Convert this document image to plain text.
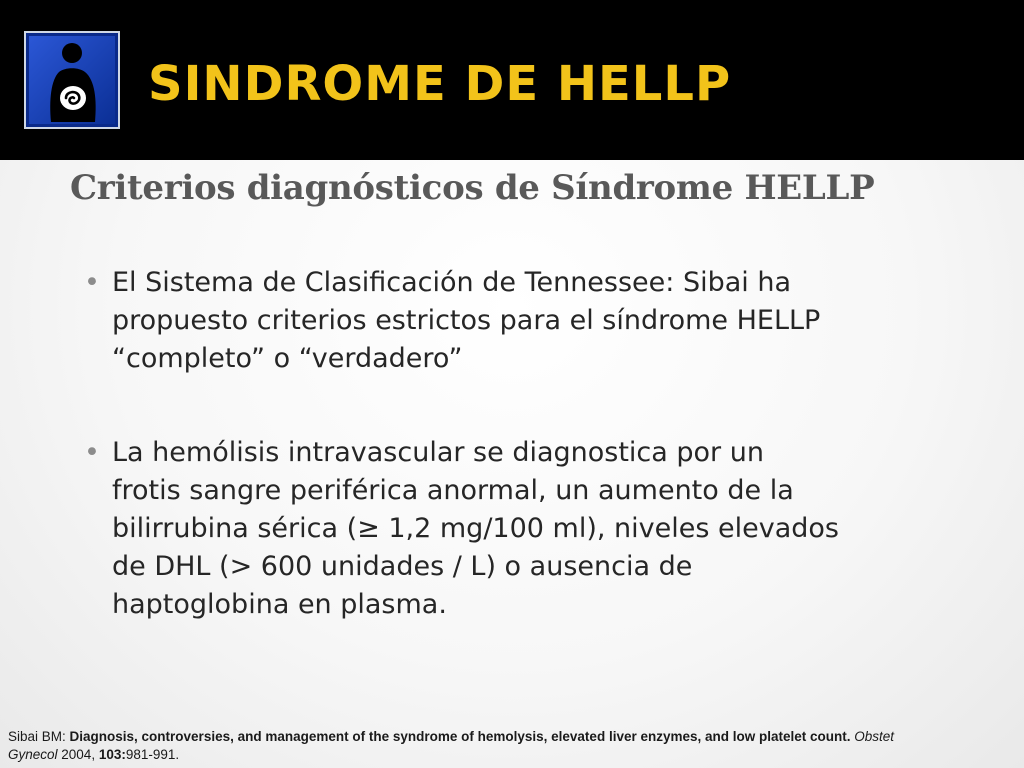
SINDROME DE HELLP
Criterios diagnósticos de Síndrome HELLP
• El Sistema de Clasificación de Tennessee: Sibai ha
propuesto criterios estrictos para el síndrome HELLP
“completo” o “verdadero”
• La hemólisis intravascular se diagnostica por un
frotis sangre periférica anormal, un aumento de la
bilirrubina sérica (≥ 1,2 mg/100 ml), niveles elevados
de DHL (> 600 unidades / L) o ausencia de
haptoglobina en plasma.

Sibai BM: Diagnosis, controversies, and management of the syndrome of hemolysis, elevated liver enzymes, and low platelet count. Obstet
Gynecol 2004, 103:981-991.
